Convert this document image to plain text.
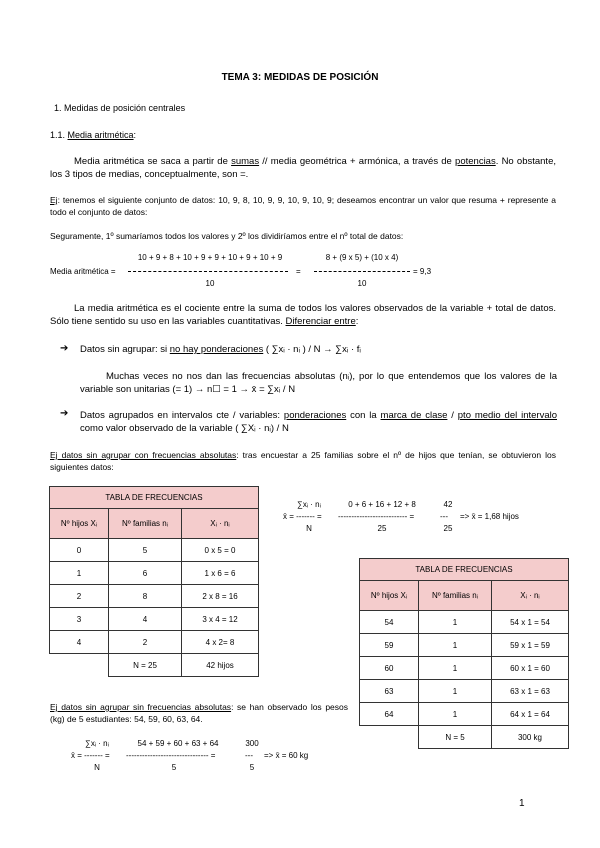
TEMA 3: MEDIDAS DE POSICIÓN
1. Medidas de posición centrales
1.1. Media aritmética:
Media aritmética se saca a partir de sumas // media geométrica + armónica, a través de potencias. No obstante, los 3 tipos de medias, conceptualmente, son =.
Ej: tenemos el siguiente conjunto de datos: 10, 9, 8, 10, 9, 9, 10, 9, 10, 9; deseamos encontrar un valor que resuma + represente a todo el conjunto de datos:
Seguramente, 1º sumaríamos todos los valores y 2º los dividiríamos entre el nº total de datos:
Media aritmética =
10 + 9 + 8 + 10 + 9 + 9 + 10 + 9 + 10 + 9
10
=
8 + (9 x 5) + (10 x 4)
10
= 9,3
La media aritmética es el cociente entre la suma de todos los valores observados de la variable + total de datos. Sólo tiene sentido su uso en las variables cuantitativas. Diferenciar entre:
➔ Datos sin agrupar: si no hay ponderaciones ( ∑xᵢ · nᵢ ) / N → ∑xᵢ · fᵢ
Muchas veces no nos dan las frecuencias absolutas (nᵢ), por lo que entendemos que los valores de la variable son unitarias (= 1) → n☐ = 1 → x̄ = ∑xᵢ / N
➔ Datos agrupados en intervalos cte / variables: ponderaciones con la marca de clase / pto medio del intervalo como valor observado de la variable ( ∑Xᵢ · nᵢ) / N
Ej datos sin agrupar con frecuencias absolutas: tras encuestar a 25 familias sobre el nº de hijos que tenían, se obtuvieron los siguientes datos:
TABLA DE FRECUENCIAS		
Nº hijos Xᵢ	Nº familias nᵢ	Xᵢ · nᵢ
0	5	0 x 5 = 0
1	6	1 x 6 = 6
2	8	2 x 8 = 16
3	4	3 x 4 = 12
4	2	4 x 2= 8
	N = 25	42 hijos
∑xᵢ · nᵢ
x̄ = ------- =
N
0 + 6 + 16 + 12 + 8
-------------------------- =
25
42
---
25
=> x̄ = 1,68 hijos
TABLA DE FRECUENCIAS		
Nº hijos Xᵢ	Nº familias nᵢ	Xᵢ · nᵢ
54	1	54 x 1 = 54
59	1	59 x 1 = 59
60	1	60 x 1 = 60
63	1	63 x 1 = 63
64	1	64 x 1 = 64
	N = 5	300 kg
Ej datos sin agrupar sin frecuencias absolutas: se han observado los pesos (kg) de 5 estudiantes: 54, 59, 60, 63, 64.
∑xᵢ · nᵢ
x̄ = ------- =
N
54 + 59 + 60 + 63 + 64
------------------------------- =
5
300
---
5
=> x̄ = 60 kg
1
